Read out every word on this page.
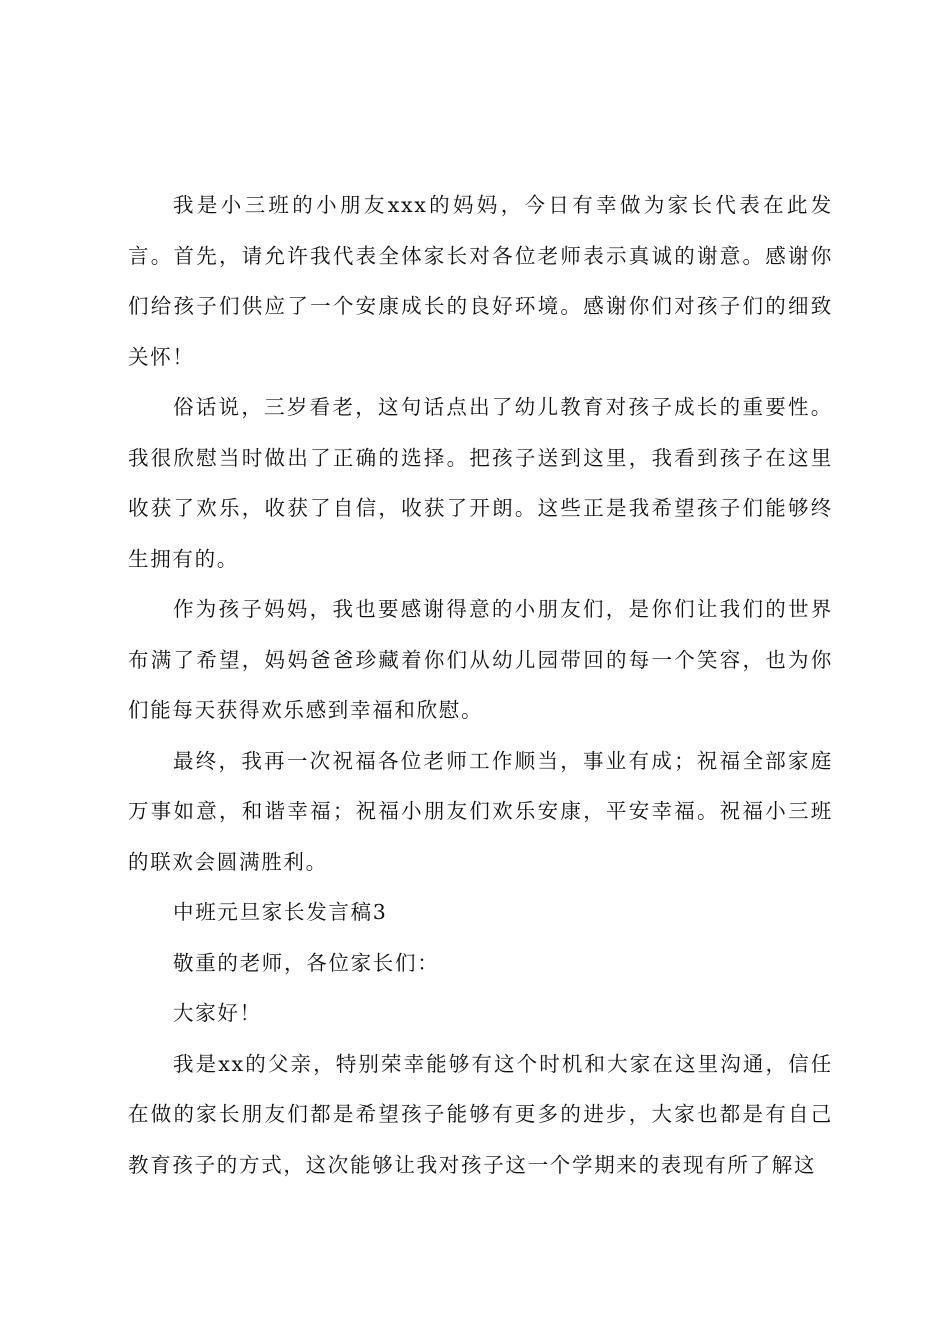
我是小三班的小朋友xxx的妈妈，今日有幸做为家长代表在此发言。首先，请允许我代表全体家长对各位老师表示真诚的谢意。感谢你们给孩子们供应了一个安康成长的良好环境。感谢你们对孩子们的细致关怀！

俗话说，三岁看老，这句话点出了幼儿教育对孩子成长的重要性。我很欣慰当时做出了正确的选择。把孩子送到这里，我看到孩子在这里收获了欢乐，收获了自信，收获了开朗。这些正是我希望孩子们能够终生拥有的。

作为孩子妈妈，我也要感谢得意的小朋友们，是你们让我们的世界布满了希望，妈妈爸爸珍藏着你们从幼儿园带回的每一个笑容，也为你们能每天获得欢乐感到幸福和欣慰。

最终，我再一次祝福各位老师工作顺当，事业有成；祝福全部家庭万事如意，和谐幸福；祝福小朋友们欢乐安康，平安幸福。祝福小三班的联欢会圆满胜利。

中班元旦家长发言稿3

敬重的老师，各位家长们：

大家好！

我是xx的父亲，特别荣幸能够有这个时机和大家在这里沟通，信任在做的家长朋友们都是希望孩子能够有更多的进步，大家也都是有自己教育孩子的方式，这次能够让我对孩子这一个学期来的表现有所了解这
